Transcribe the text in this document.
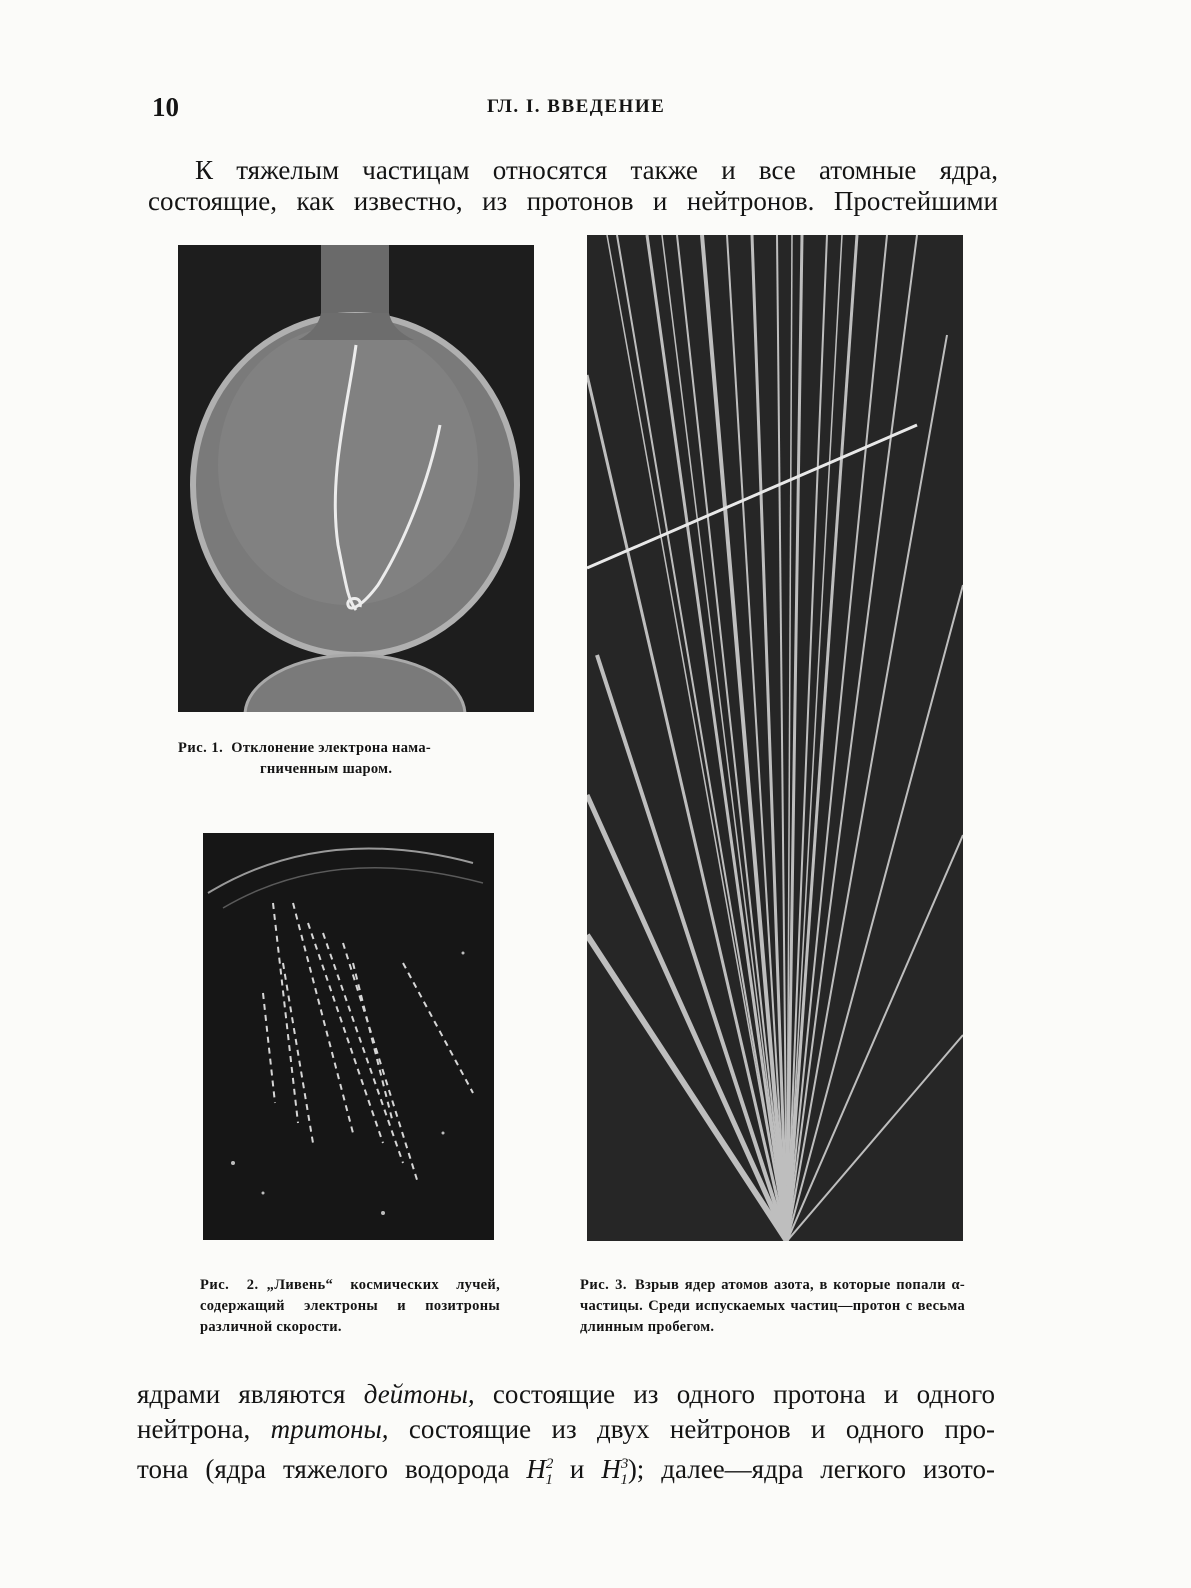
10	ГЛ. I. ВВЕДЕНИЕ
К тяжелым частицам относятся также и все атомные ядра,
состоящие, как известно, из протонов и нейтронов. Простейшими
Рис. 1. Отклонение электрона нама-
гниченным шаром.
Рис. 2. „Ливень“ космических лучей, содержащий электроны и позитроны различной скорости.
Рис. 3. Взрыв ядер атомов азота, в которые попали α-частицы. Среди испускаемых частиц—протон с весьма длинным пробегом.
ядрами являются дейтоны, состоящие из одного протона и одного
нейтрона, тритоны, состоящие из двух нейтронов и одного про-
тона (ядра тяжелого водорода $H^2_1$ и $H^3_1$); далее—ядра легкого изото-
